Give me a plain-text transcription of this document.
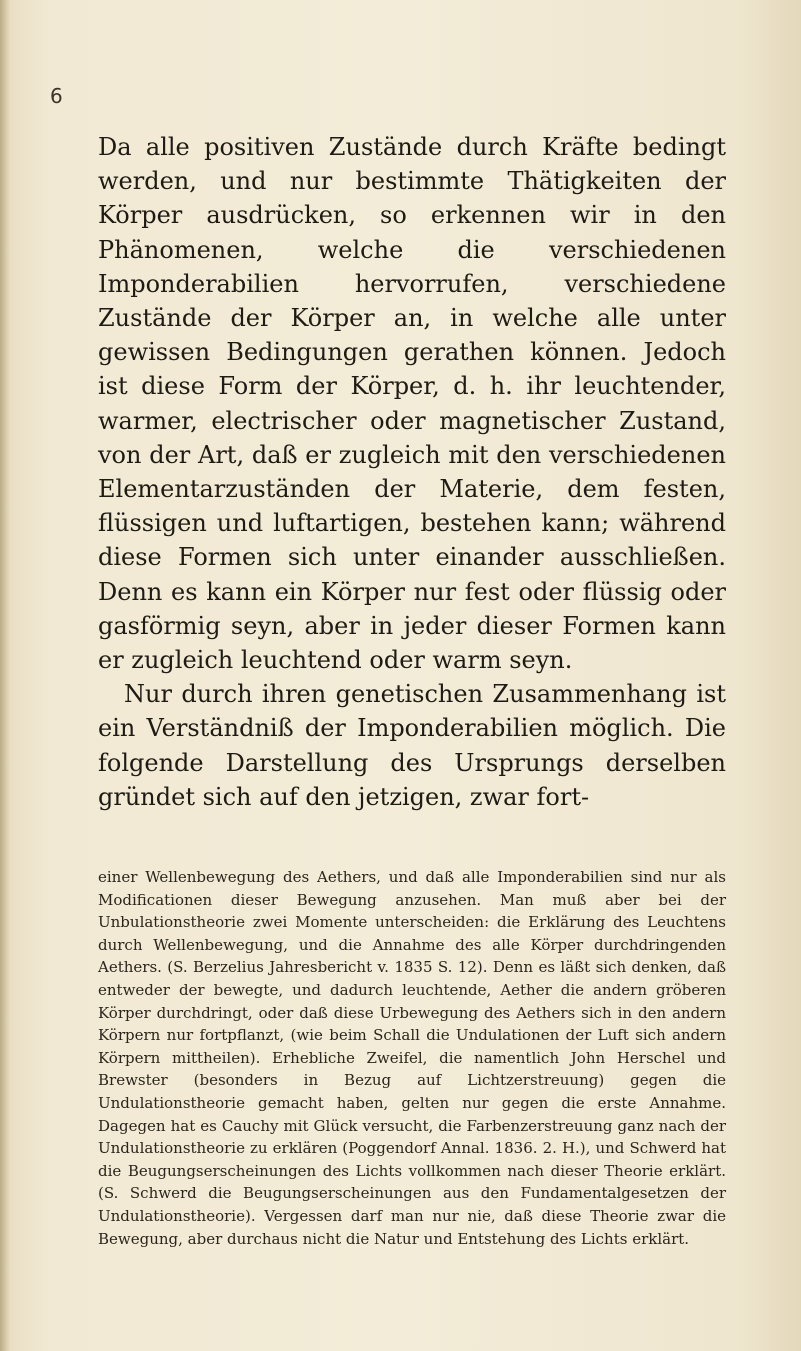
6

Da alle positiven Zustände durch Kräfte bedingt werden, und nur bestimmte Thätigkeiten der Körper ausdrücken, so erkennen wir in den Phänomenen, welche die verschiedenen Imponderabilien hervorrufen, verschiedene Zustände der Körper an, in welche alle unter gewissen Bedingungen gerathen können. Jedoch ist diese Form der Körper, d. h. ihr leuchtender, warmer, electrischer oder magnetischer Zustand, von der Art, daß er zugleich mit den verschiedenen Elementarzuständen der Materie, dem festen, flüssigen und luftartigen, bestehen kann; während diese Formen sich unter einander ausschließen. Denn es kann ein Körper nur fest oder flüssig oder gasförmig seyn, aber in jeder dieser Formen kann er zugleich leuchtend oder warm seyn.

Nur durch ihren genetischen Zusammenhang ist ein Verständniß der Imponderabilien möglich. Die folgende Darstellung des Ursprungs derselben gründet sich auf den jetzigen, zwar fort-

einer Wellenbewegung des Aethers, und daß alle Imponderabilien sind nur als Modificationen dieser Bewegung anzusehen. Man muß aber bei der Unbulationstheorie zwei Momente unterscheiden: die Erklärung des Leuchtens durch Wellenbewegung, und die Annahme des alle Körper durchdringenden Aethers. (S. Berzelius Jahresbericht v. 1835 S. 12). Denn es läßt sich denken, daß entweder der bewegte, und dadurch leuchtende, Aether die andern gröberen Körper durchdringt, oder daß diese Urbewegung des Aethers sich in den andern Körpern nur fortpflanzt, (wie beim Schall die Undulationen der Luft sich andern Körpern mittheilen). Erhebliche Zweifel, die namentlich John Herschel und Brewster (besonders in Bezug auf Lichtzerstreuung) gegen die Undulationstheorie gemacht haben, gelten nur gegen die erste Annahme. Dagegen hat es Cauchy mit Glück versucht, die Farbenzerstreuung ganz nach der Undulationstheorie zu erklären (Poggendorf Annal. 1836. 2. H.), und Schwerd hat die Beugungserscheinungen des Lichts vollkommen nach dieser Theorie erklärt. (S. Schwerd die Beugungserscheinungen aus den Fundamentalgesetzen der Undulationstheorie). Vergessen darf man nur nie, daß diese Theorie zwar die Bewegung, aber durchaus nicht die Natur und Entstehung des Lichts erklärt.
